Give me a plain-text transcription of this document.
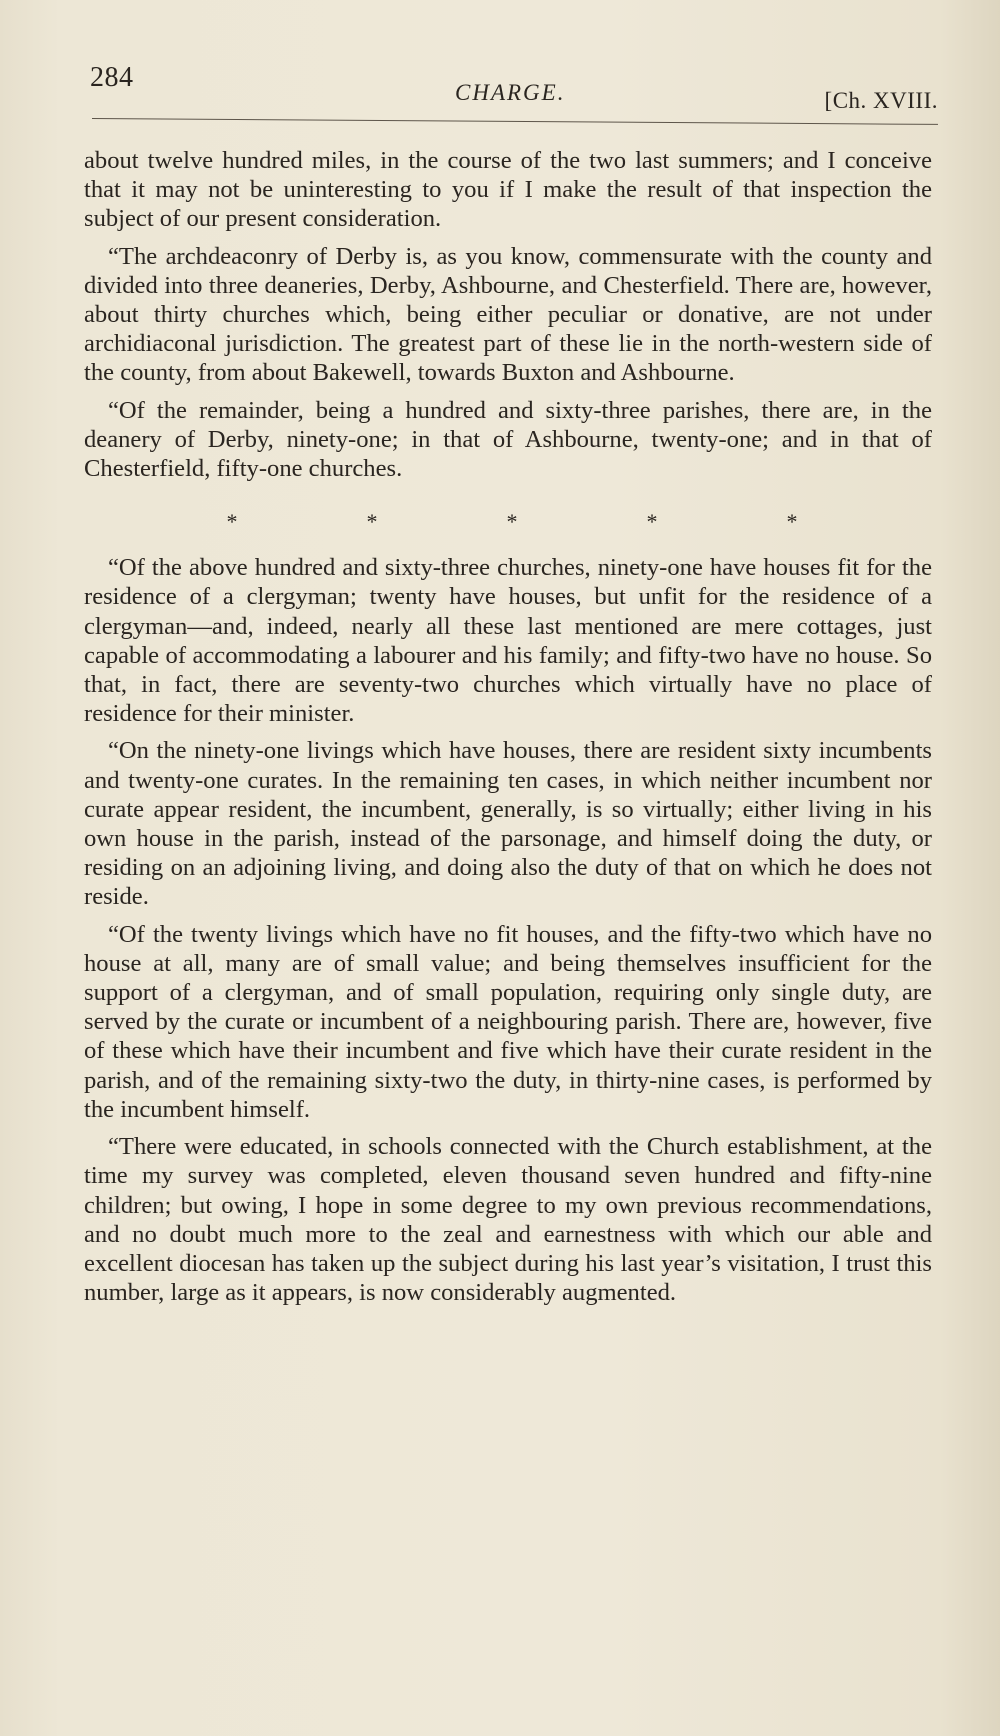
284	CHARGE.	[Ch. XVIII.

about twelve hundred miles, in the course of the two last summers; and I conceive that it may not be uninteresting to you if I make the result of that inspection the subject of our present consideration.

“The archdeaconry of Derby is, as you know, commensurate with the county and divided into three deaneries, Derby, Ashbourne, and Chesterfield. There are, however, about thirty churches which, being either peculiar or donative, are not under archidiaconal jurisdiction. The greatest part of these lie in the north-western side of the county, from about Bakewell, towards Buxton and Ashbourne.

“Of the remainder, being a hundred and sixty-three parishes, there are, in the deanery of Derby, ninety-one; in that of Ashbourne, twenty-one; and in that of Chesterfield, fifty-one churches.

*	*	*	*	*

“Of the above hundred and sixty-three churches, ninety-one have houses fit for the residence of a clergyman; twenty have houses, but unfit for the residence of a clergyman—and, indeed, nearly all these last mentioned are mere cottages, just capable of accommodating a labourer and his family; and fifty-two have no house. So that, in fact, there are seventy-two churches which virtually have no place of residence for their minister.

“On the ninety-one livings which have houses, there are resident sixty incumbents and twenty-one curates. In the remaining ten cases, in which neither incumbent nor curate appear resident, the incumbent, generally, is so virtually; either living in his own house in the parish, instead of the parsonage, and himself doing the duty, or residing on an adjoining living, and doing also the duty of that on which he does not reside.

“Of the twenty livings which have no fit houses, and the fifty-two which have no house at all, many are of small value; and being themselves insufficient for the support of a clergyman, and of small population, requiring only single duty, are served by the curate or incumbent of a neighbouring parish. There are, however, five of these which have their incumbent and five which have their curate resident in the parish, and of the remaining sixty-two the duty, in thirty-nine cases, is performed by the incumbent himself.

“There were educated, in schools connected with the Church establishment, at the time my survey was completed, eleven thousand seven hundred and fifty-nine children; but owing, I hope in some degree to my own previous recommendations, and no doubt much more to the zeal and earnestness with which our able and excellent diocesan has taken up the subject during his last year’s visitation, I trust this number, large as it appears, is now considerably augmented.
